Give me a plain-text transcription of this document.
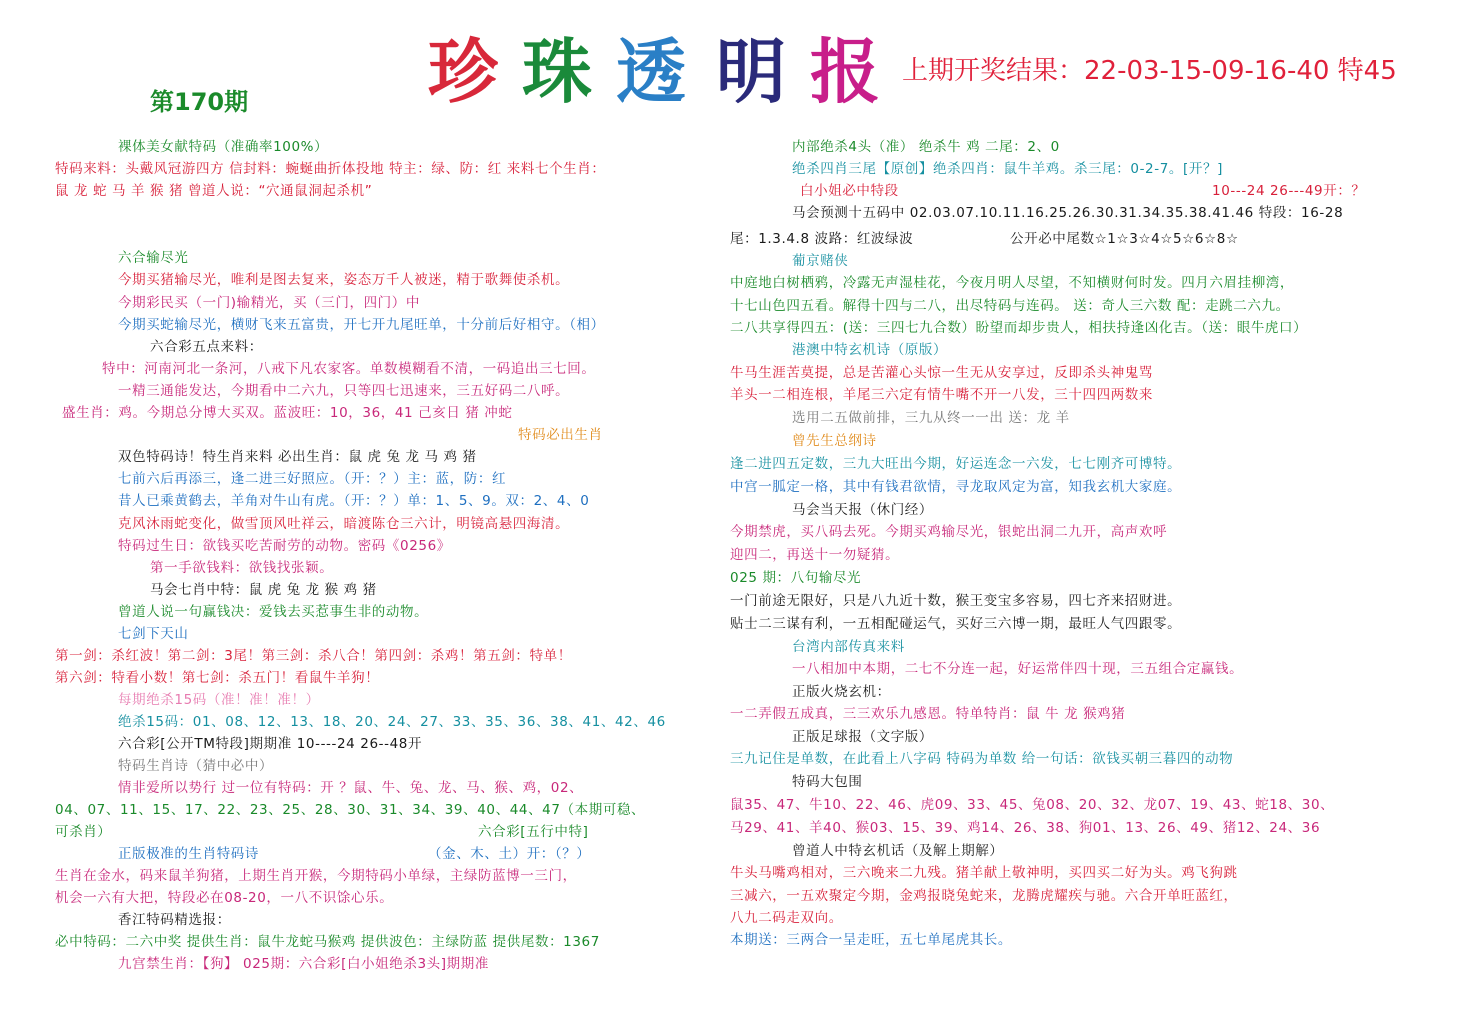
珍 珠 透 明 报 上期开奖结果：22-03-15-09-16-40 特45
第170期
裸体美女献特码（准确率100%）
特码来料：头戴风冠游四方 信封料：蜿蜒曲折体投地 特主：绿、防：红 来料七个生肖：
鼠 龙 蛇 马 羊 猴 猪 曾道人说：“穴通鼠洞起杀机”
六合输尽光
今期买猪输尽光，唯利是图去复来，姿态万千人被迷，精于歌舞使杀机。
今期彩民买（一门)输精光，买（三门，四门）中
今期买蛇输尽光，横财飞来五富贵，开七开九尾旺单，十分前后好相守。（相）
六合彩五点来料：
特中：河南河北一条河，八戒下凡农家客。单数模糊看不清，一码追出三七回。
一精三通能发达，今期看中二六九，只等四七迅速来，三五好码二八呼。
盛生肖：鸡。今期总分博大买双。蓝波旺：10，36，41 己亥日 猪 冲蛇
特码必出生肖
双色特码诗！特生肖来料 必出生肖：鼠 虎 兔 龙 马 鸡 猪
七前六后再添三，逢二进三好照应。（开：？）主：蓝，防：红
昔人已乘黄鹤去，羊角对牛山有虎。（开：？）单：1、5、9。双：2、4、0
克风沐雨蛇变化，做雪顶风吐祥云，暗渡陈仓三六计，明镜高悬四海清。
特码过生日：欲钱买吃苦耐劳的动物。密码《0256》
第一手欲钱料：欲钱找张颖。
马会七肖中特：鼠 虎 兔 龙 猴 鸡 猪
曾道人说一句赢钱决：爱钱去买惹事生非的动物。
七剑下天山
第一剑：杀红波！第二剑：3尾！第三剑：杀八合！第四剑：杀鸡！第五剑：特单！
第六剑：特看小数！第七剑：杀五门！看鼠牛羊狗！
每期绝杀15码（准！准！准！）
绝杀15码：01、08、12、13、18、20、24、27、33、35、36、38、41、42、46
六合彩[公开TM特段]期期准 10----24 26--48开
特码生肖诗（猜中必中）
情非爱所以势行 过一位有特码：开 ？鼠、牛、兔、龙、马、猴、鸡，02、
04、07、11、15、17、22、23、25、28、30、31、34、39、40、44、47（本期可稳、
可杀肖）	六合彩[五行中特]
正版极准的生肖特码诗	（金、木、土）开：（？）
生肖在金水，码来鼠羊狗猪，上期生肖开猴，今期特码小单绿，主绿防蓝博一三门，
机会一六有大把，特段必在08-20，一八不识馀心乐。
香江特码精选报：
必中特码：二六中奖 提供生肖：鼠牛龙蛇马猴鸡 提供波色：主绿防蓝 提供尾数：1367
九宫禁生肖：【狗】 025期：六合彩[白小姐绝杀3头]期期准
内部绝杀4头（准） 绝杀牛 鸡 二尾：2、0
绝杀四肖三尾【原创】绝杀四肖：鼠牛羊鸡。杀三尾：0-2-7。[开？]
白小姐必中特段	10---24 26---49开：？
马会预测十五码中 02.03.07.10.11.16.25.26.30.31.34.35.38.41.46 特段：16-28
尾：1.3.4.8 波路：红波绿波	公开必中尾数☆1☆3☆4☆5☆6☆8☆
葡京赌侠
中庭地白树栖鸦，冷露无声湿桂花，今夜月明人尽望，不知横财何时发。四月六眉挂柳湾，
十七山色四五看。解得十四与二八，出尽特码与连码。 送：奇人三六数 配：走跳二六九。
二八共享得四五：(送：三四七九合数）盼望而却步贵人，相扶持逢凶化吉。（送：眼牛虎口）
港澳中特玄机诗（原版）
牛马生涯苦莫提，总是苦灌心头惊一生无从安享过，反即杀头神鬼骂
羊头一二相连根，羊尾三六定有情牛嘴不开一八发，三十四四两数来
选用二五做前排，三九从终一一出 送：龙 羊
曾先生总纲诗
逢二进四五定数，三九大旺出今期，好运连念一六发，七七刚齐可博特。
中宫一胍定一格，其中有钱君欲情，寻龙取风定为富，知我玄机大家庭。
马会当天报（休门经）
今期禁虎，买八码去死。今期买鸡输尽光，银蛇出洞二九开，高声欢呼
迎四二，再送十一勿疑猜。
025 期：八句输尽光
一门前途无限好，只是八九近十数，猴王变宝多容易，四七齐来招财进。
贴士二三谋有利，一五相配碰运气，买好三六博一期，最旺人气四跟零。
台湾内部传真来料
一八相加中本期，二七不分连一起，好运常伴四十现，三五组合定赢钱。
正版火烧玄机：
一二弄假五成真，三三欢乐九感恩。特单特肖：鼠 牛 龙 猴鸡猪
正版足球报（文字版）
三九记住是单数，在此看上八字码 特码为单数 给一句话：欲钱买朝三暮四的动物
特码大包围
鼠35、47、牛10、22、46、虎09、33、45、兔08、20、32、龙07、19、43、蛇18、30、
马29、41、羊40、猴03、15、39、鸡14、26、38、狗01、13、26、49、猪12、24、36
曾道人中特玄机话（及解上期解）
牛头马嘴鸡相对，三六晚来二九残。猪羊献上敬神明，买四买二好为头。鸡飞狗跳
三减六，一五欢聚定今期，金鸡报晓兔蛇来，龙腾虎耀疾与驰。六合开单旺蓝红，
八九二码走双向。
本期送：三两合一呈走旺，五七单尾虎其长。
